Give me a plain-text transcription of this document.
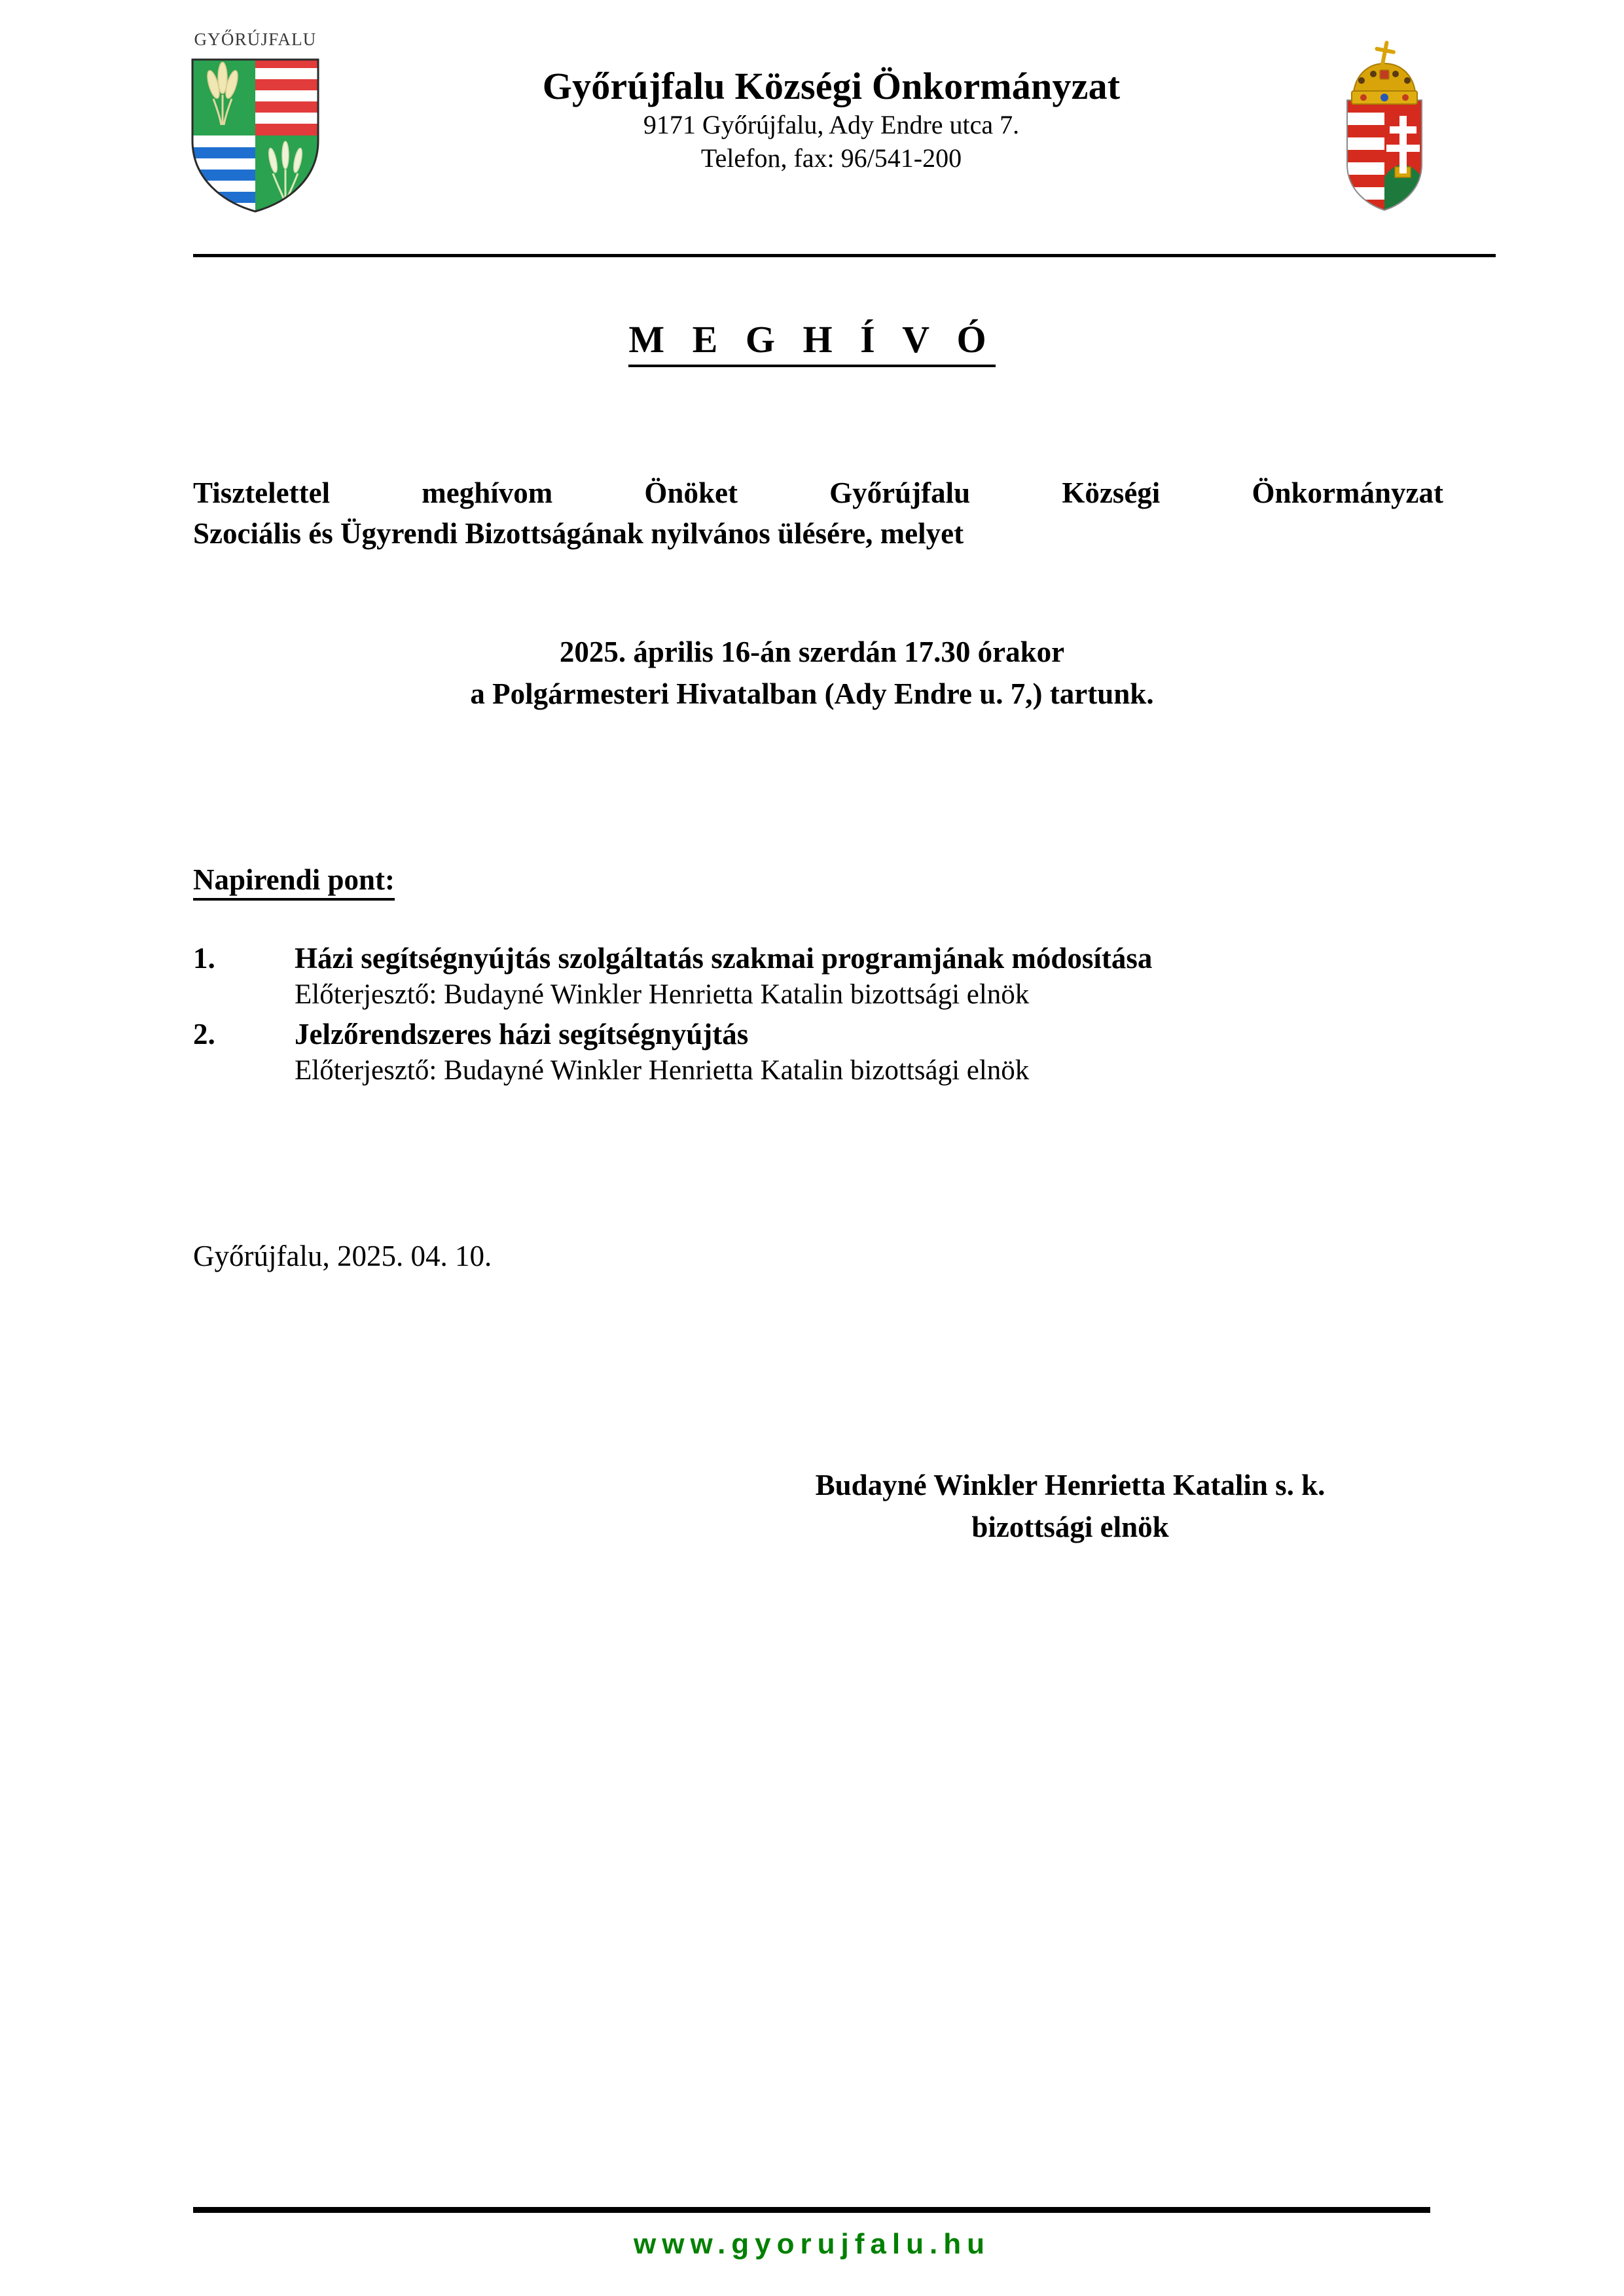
GYŐRÚJFALU
Győrújfalu Községi Önkormányzat
9171 Győrújfalu, Ady Endre utca 7.
Telefon, fax: 96/541-200
M E G H Í V Ó
Tisztelettel meghívom Önöket Győrújfalu Községi Önkormányzat
Szociális és Ügyrendi Bizottságának nyilvános ülésére, melyet
2025. április 16-án szerdán 17.30 órakor
a Polgármesteri Hivatalban (Ady Endre u. 7,) tartunk.
Napirendi pont:
1.	Házi segítségnyújtás szolgáltatás szakmai programjának módosítása
Előterjesztő: Budayné Winkler Henrietta Katalin bizottsági elnök
2.	Jelzőrendszeres házi segítségnyújtás
Előterjesztő: Budayné Winkler Henrietta Katalin bizottsági elnök
Győrújfalu, 2025. 04. 10.
Budayné Winkler Henrietta Katalin s. k.
bizottsági elnök
www.gyorujfalu.hu
